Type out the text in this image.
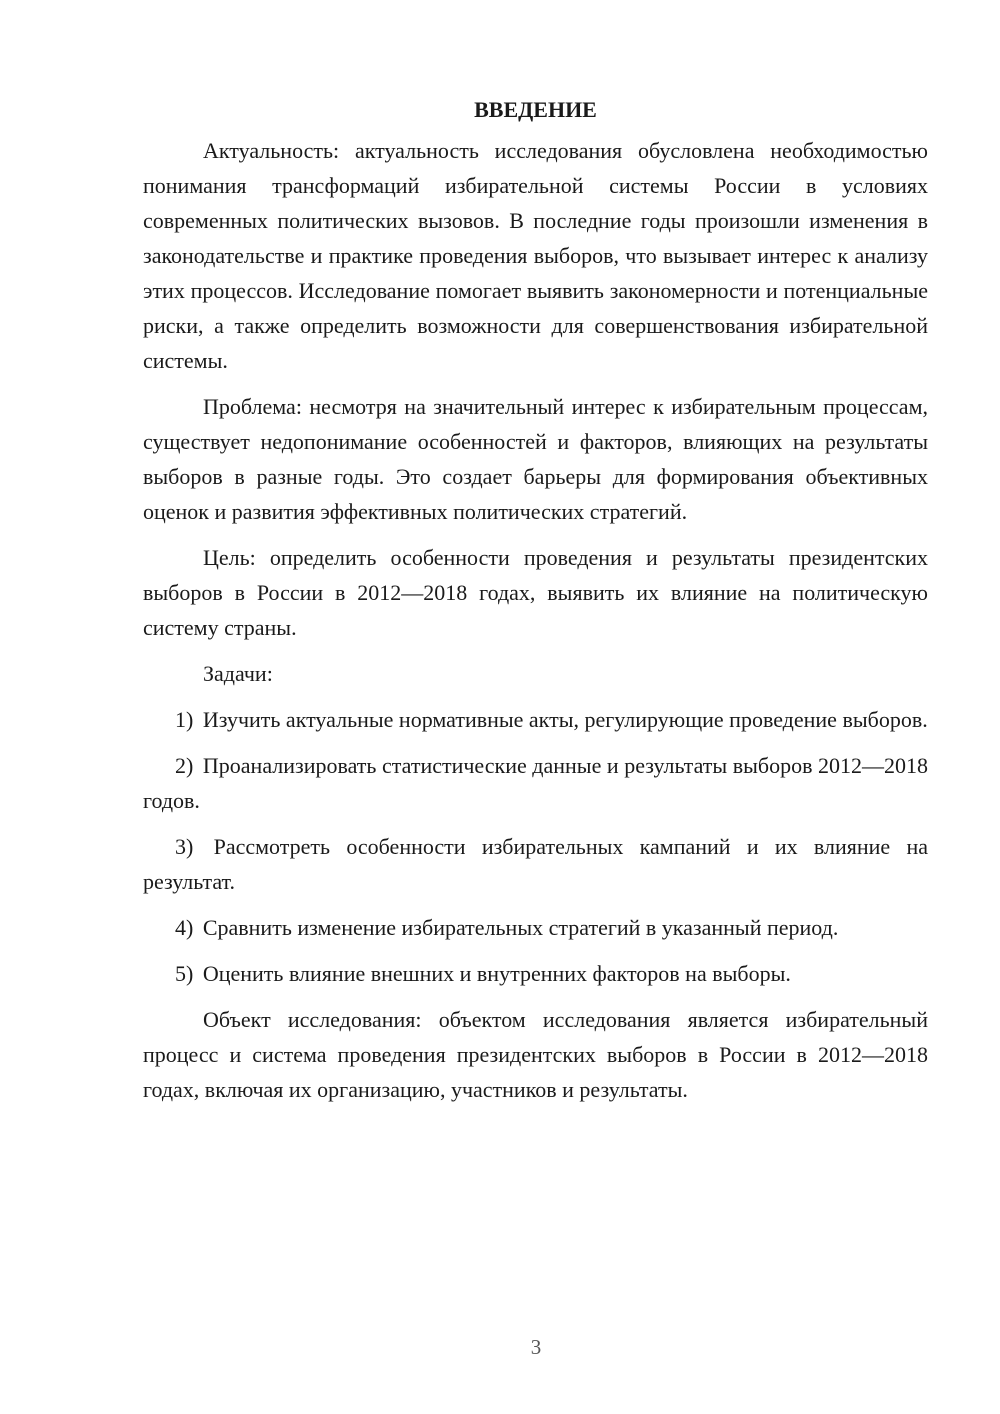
ВВЕДЕНИЕ

Актуальность: актуальность исследования обусловлена необходимостью понимания трансформаций избирательной системы России в условиях современных политических вызовов. В последние годы произошли изменения в законодательстве и практике проведения выборов, что вызывает интерес к анализу этих процессов. Исследование помогает выявить закономерности и потенциальные риски, а также определить возможности для совершенствования избирательной системы.

Проблема: несмотря на значительный интерес к избирательным процессам, существует недопонимание особенностей и факторов, влияющих на результаты выборов в разные годы. Это создает барьеры для формирования объективных оценок и развития эффективных политических стратегий.

Цель: определить особенности проведения и результаты президентских выборов в России в 2012—2018 годах, выявить их влияние на политическую систему страны.

Задачи:

1) Изучить актуальные нормативные акты, регулирующие проведение выборов.

2) Проанализировать статистические данные и результаты выборов 2012—2018 годов.

3) Рассмотреть особенности избирательных кампаний и их влияние на результат.

4) Сравнить изменение избирательных стратегий в указанный период.

5) Оценить влияние внешних и внутренних факторов на выборы.

Объект исследования: объектом исследования является избирательный процесс и система проведения президентских выборов в России в 2012—2018 годах, включая их организацию, участников и результаты.

3
